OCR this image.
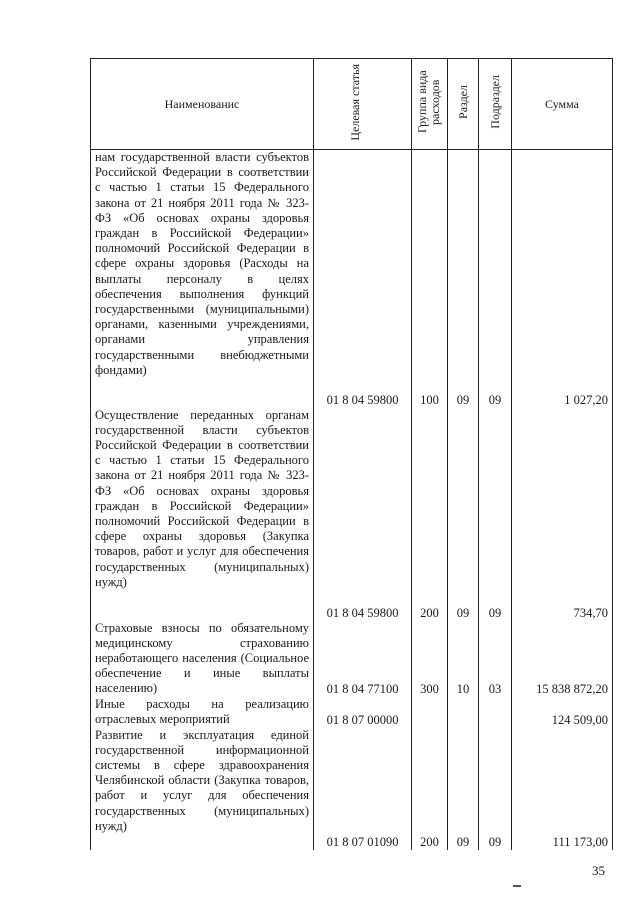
Наименованис	Целевая статья	Группа вида расходов	Раздел	Подраздел	Сумма
нам государственной власти субъектов Российской Федерации в соответствии с частью 1 статьи 15 Федерального закона от 21 ноября 2011 года № 323-ФЗ «Об основах охраны здоровья граждан в Российской Федерации» полномочий Российской Федерации в сфере охраны здоровья (Расходы на выплаты персоналу в целях обеспечения выполнения функций государственными (муниципальными) органами, казенными учреждениями, органами управления государственными внебюджетными фондами)	01 8 04 59800	100	09	09	1 027,20
Осуществление переданных органам государственной власти субъектов Российской Федерации в соответствии с частью 1 статьи 15 Федерального закона от 21 ноября 2011 года № 323-ФЗ «Об основах охраны здоровья граждан в Российской Федерации» полномочий Российской Федерации в сфере охраны здоровья (Закупка товаров, работ и услуг для обеспечения государственных (муниципальных) нужд)	01 8 04 59800	200	09	09	734,70
Страховые взносы по обязательному медицинскому страхованию неработающего населения (Социальное обеспечение и иные выплаты населению)	01 8 04 77100	300	10	03	15 838 872,20
Иные расходы на реализацию отраслевых мероприятий	01 8 07 00000				124 509,00
Развитие и эксплуатация единой государственной информационной системы в сфере здравоохранения Челябинской области (Закупка товаров, работ и услуг для обеспечения государственных (муниципальных) нужд)	01 8 07 01090	200	09	09	111 173,00
35
